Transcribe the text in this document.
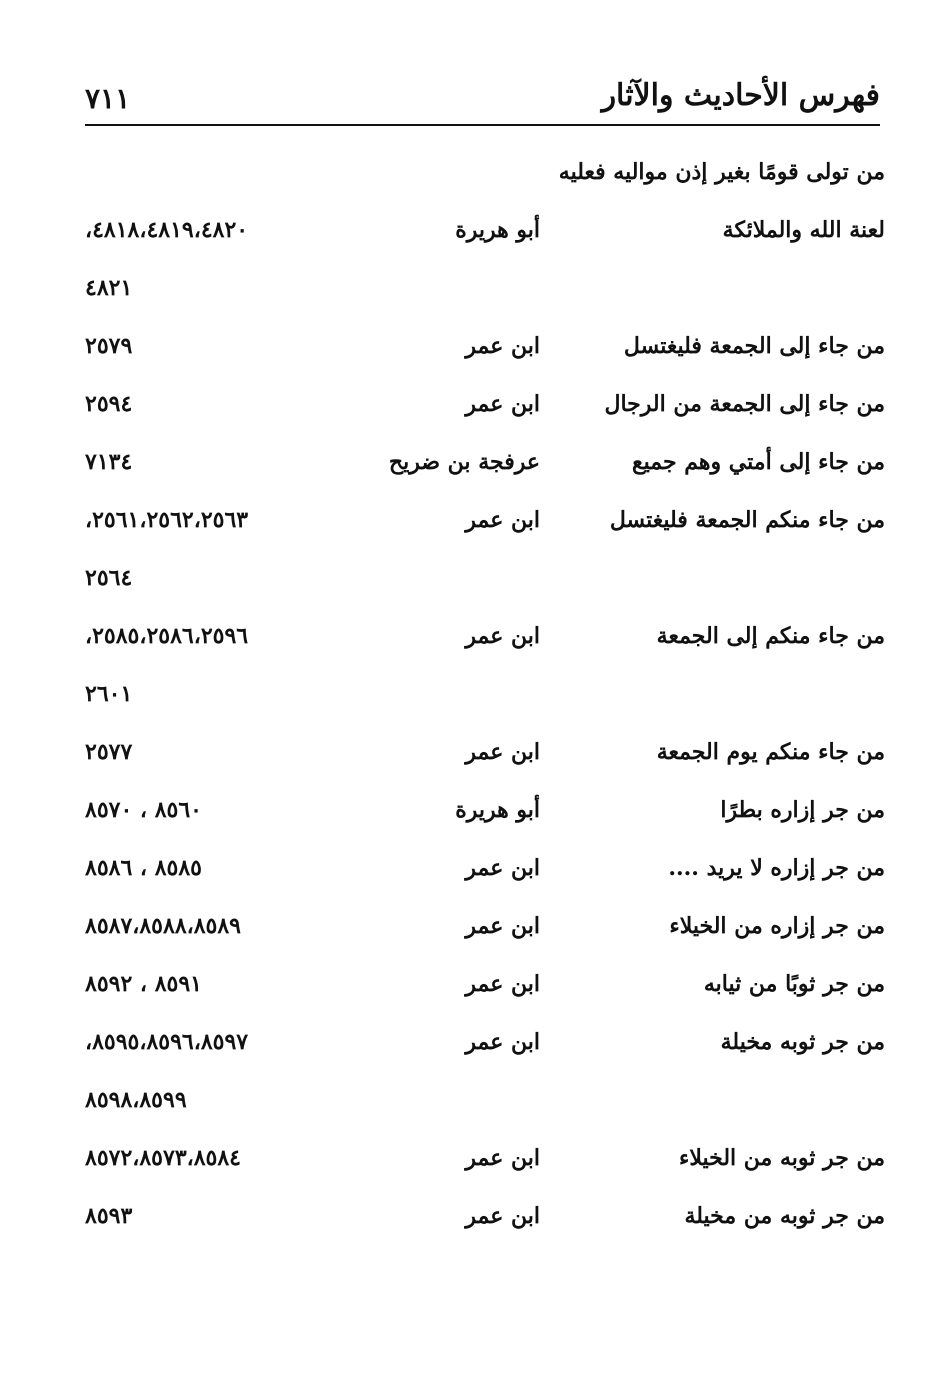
فهرس الأحاديث والآثار
٧١١
من تولى قومًا بغير إذن مواليه فعليه
لعنة الله والملائكة
أبو هريرة
٤٨١٨،٤٨١٩،٤٨٢٠،
٤٨٢١
من جاء إلى الجمعة فليغتسل
ابن عمر
٢٥٧٩
من جاء إلى الجمعة من الرجال
ابن عمر
٢٥٩٤
من جاء إلى أمتي وهم جميع
عرفجة بن ضريح
٧١٣٤
من جاء منكم الجمعة فليغتسل
ابن عمر
٢٥٦١،٢٥٦٢،٢٥٦٣،
٢٥٦٤
من جاء منكم إلى الجمعة
ابن عمر
٢٥٨٥،٢٥٨٦،٢٥٩٦،
٢٦٠١
من جاء منكم يوم الجمعة
ابن عمر
٢٥٧٧
من جر إزاره بطرًا
أبو هريرة
٨٥٦٠ ، ٨٥٧٠
من جر إزاره لا يريد ....
ابن عمر
٨٥٨٥ ، ٨٥٨٦
من جر إزاره من الخيلاء
ابن عمر
٨٥٨٧،٨٥٨٨،٨٥٨٩
من جر ثوبًا من ثيابه
ابن عمر
٨٥٩١ ، ٨٥٩٢
من جر ثوبه مخيلة
ابن عمر
٨٥٩٥،٨٥٩٦،٨٥٩٧،
٨٥٩٨،٨٥٩٩
من جر ثوبه من الخيلاء
ابن عمر
٨٥٧٢،٨٥٧٣،٨٥٨٤
من جر ثوبه من مخيلة
ابن عمر
٨٥٩٣
